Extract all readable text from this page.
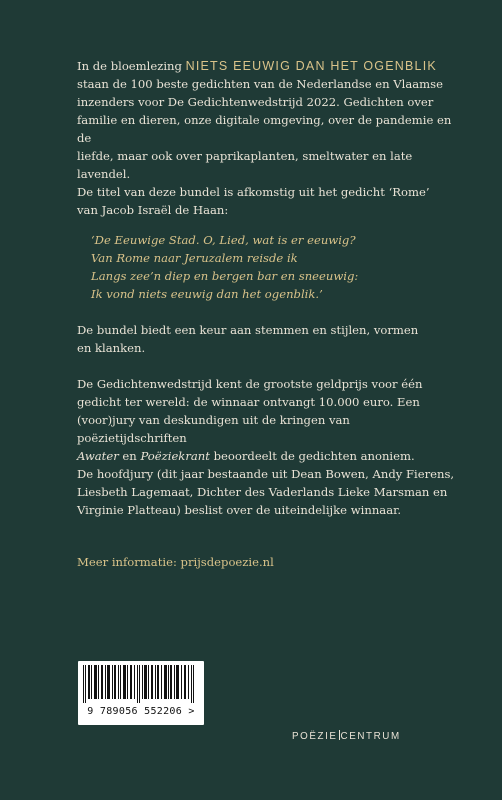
In de bloemlezing NIETS EEUWIG DAN HET OGENBLIK
staan de 100 beste gedichten van de Nederlandse en Vlaamse
inzenders voor De Gedichtenwedstrijd 2022. Gedichten over
familie en dieren, onze digitale omgeving, over de pandemie en de
liefde, maar ook over paprikaplanten, smeltwater en late lavendel.
De titel van deze bundel is afkomstig uit het gedicht ‘Rome’
van Jacob Israël de Haan:

‘De Eeuwige Stad. O, Lied, wat is er eeuwig?
Van Rome naar Jeruzalem reisde ik
Langs zee’n diep en bergen bar en sneeuwig:
Ik vond niets eeuwig dan het ogenblik.’

De bundel biedt een keur aan stemmen en stijlen, vormen
en klanken.

De Gedichtenwedstrijd kent de grootste geldprijs voor één
gedicht ter wereld: de winnaar ontvangt 10.000 euro. Een
(voor)jury van deskundigen uit de kringen van poëzietijdschriften
Awater en Poëziekrant beoordeelt de gedichten anoniem.
De hoofdjury (dit jaar bestaande uit Dean Bowen, Andy Fierens,
Liesbeth Lagemaat, Dichter des Vaderlands Lieke Marsman en
Virginie Platteau) beslist over de uiteindelijke winnaar.

Meer informatie: prijsdepoezie.nl

9 789056 552206 >
POËZIE CENTRUM
